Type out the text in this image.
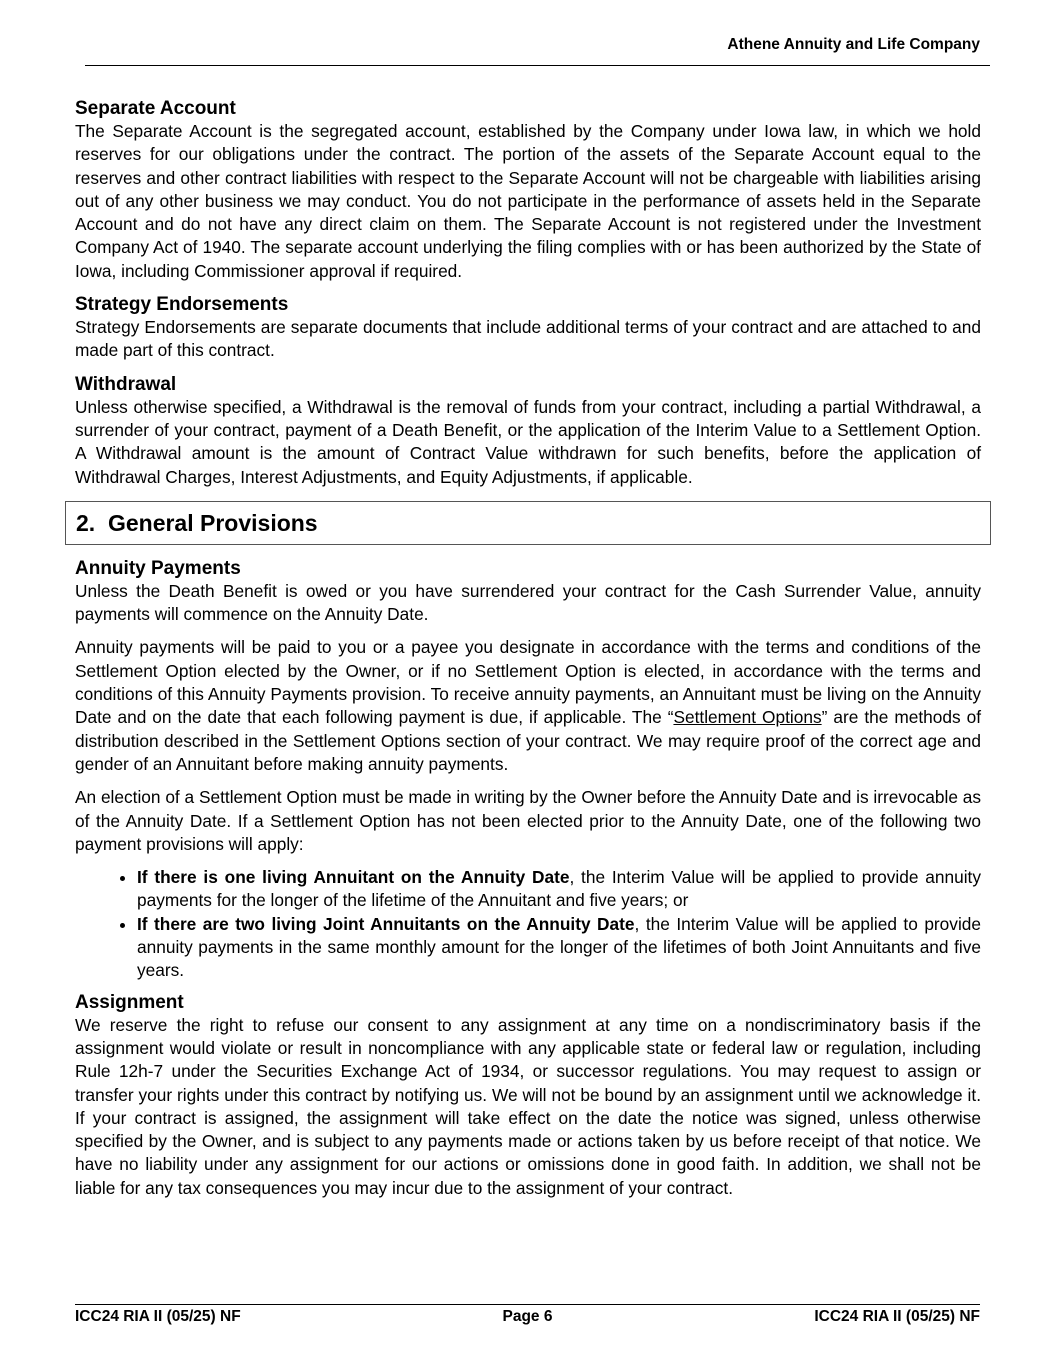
Athene Annuity and Life Company
Separate Account

The Separate Account is the segregated account, established by the Company under Iowa law, in which we hold reserves for our obligations under the contract. The portion of the assets of the Separate Account equal to the reserves and other contract liabilities with respect to the Separate Account will not be chargeable with liabilities arising out of any other business we may conduct. You do not participate in the performance of assets held in the Separate Account and do not have any direct claim on them. The Separate Account is not registered under the Investment Company Act of 1940. The separate account underlying the filing complies with or has been authorized by the State of Iowa, including Commissioner approval if required.

Strategy Endorsements

Strategy Endorsements are separate documents that include additional terms of your contract and are attached to and made part of this contract.

Withdrawal

Unless otherwise specified, a Withdrawal is the removal of funds from your contract, including a partial Withdrawal, a surrender of your contract, payment of a Death Benefit, or the application of the Interim Value to a Settlement Option. A Withdrawal amount is the amount of Contract Value withdrawn for such benefits, before the application of Withdrawal Charges, Interest Adjustments, and Equity Adjustments, if applicable.

2.  General Provisions
Annuity Payments

Unless the Death Benefit is owed or you have surrendered your contract for the Cash Surrender Value, annuity payments will commence on the Annuity Date.

Annuity payments will be paid to you or a payee you designate in accordance with the terms and conditions of the Settlement Option elected by the Owner, or if no Settlement Option is elected, in accordance with the terms and conditions of this Annuity Payments provision. To receive annuity payments, an Annuitant must be living on the Annuity Date and on the date that each following payment is due, if applicable. The “Settlement Options” are the methods of distribution described in the Settlement Options section of your contract. We may require proof of the correct age and gender of an Annuitant before making annuity payments.

An election of a Settlement Option must be made in writing by the Owner before the Annuity Date and is irrevocable as of the Annuity Date. If a Settlement Option has not been elected prior to the Annuity Date, one of the following two payment provisions will apply:

• If there is one living Annuitant on the Annuity Date, the Interim Value will be applied to provide annuity payments for the longer of the lifetime of the Annuitant and five years; or
• If there are two living Joint Annuitants on the Annuity Date, the Interim Value will be applied to provide annuity payments in the same monthly amount for the longer of the lifetimes of both Joint Annuitants and five years.
Assignment

We reserve the right to refuse our consent to any assignment at any time on a nondiscriminatory basis if the assignment would violate or result in noncompliance with any applicable state or federal law or regulation, including Rule 12h-7 under the Securities Exchange Act of 1934, or successor regulations. You may request to assign or transfer your rights under this contract by notifying us. We will not be bound by an assignment until we acknowledge it. If your contract is assigned, the assignment will take effect on the date the notice was signed, unless otherwise specified by the Owner, and is subject to any payments made or actions taken by us before receipt of that notice. We have no liability under any assignment for our actions or omissions done in good faith. In addition, we shall not be liable for any tax consequences you may incur due to the assignment of your contract.

ICC24 RIA II (05/25) NF	Page 6	ICC24 RIA II (05/25) NF
